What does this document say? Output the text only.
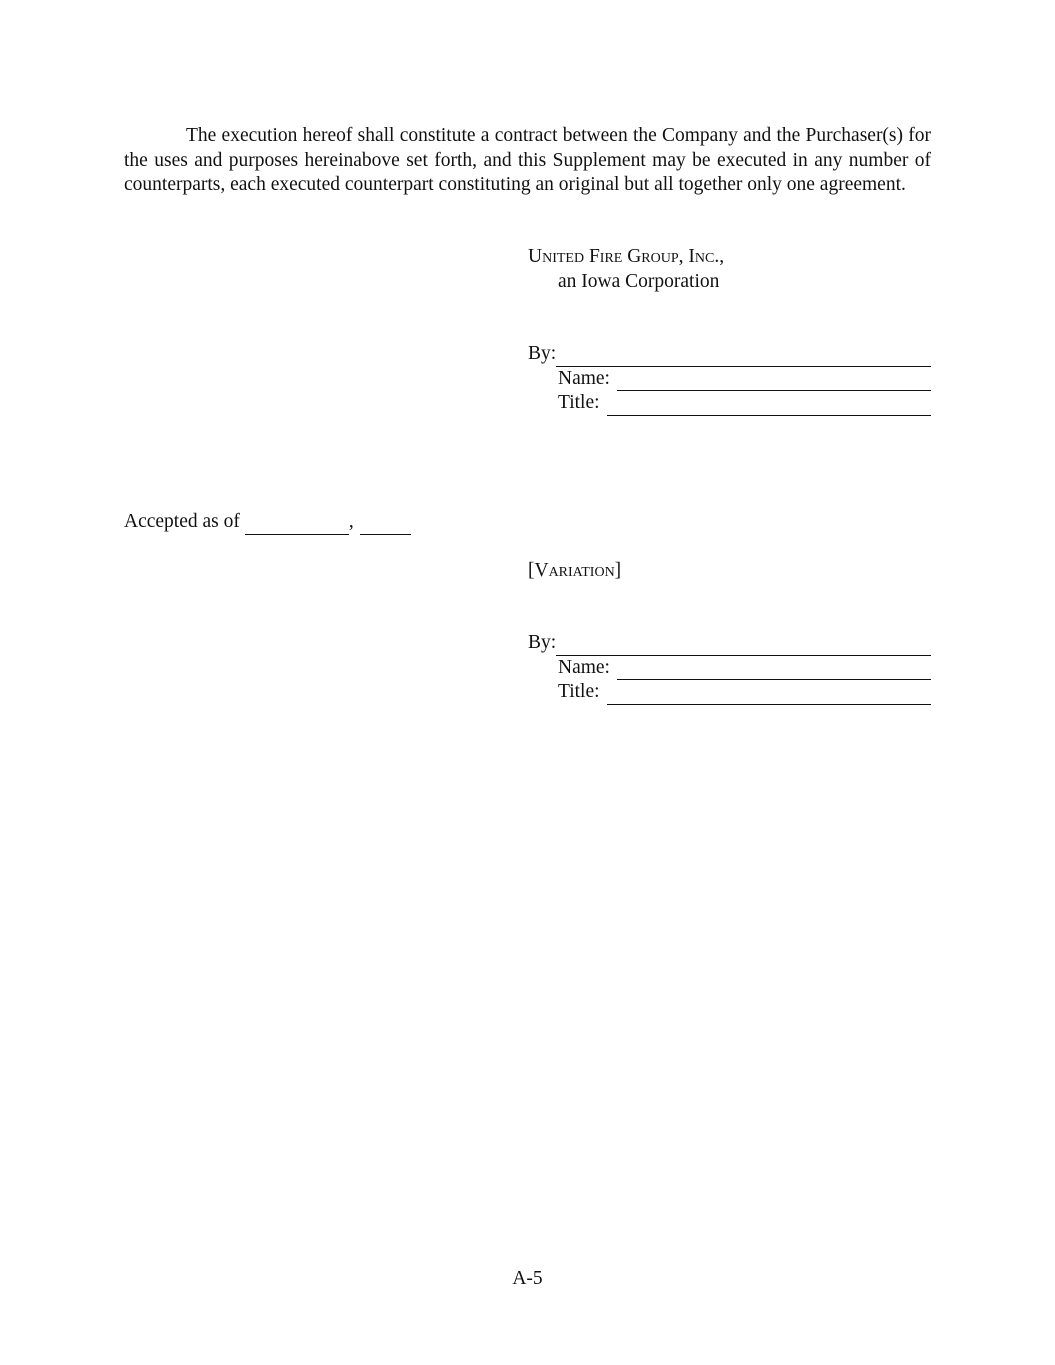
The execution hereof shall constitute a contract between the Company and the Purchaser(s) for the uses and purposes hereinabove set forth, and this Supplement may be executed in any number of counterparts, each executed counterpart constituting an original but all together only one agreement.

United Fire Group, Inc.,
an Iowa Corporation
By:
Name:
Title:
Accepted as of	,
[Variation]
By:
Name:
Title:
A-5
